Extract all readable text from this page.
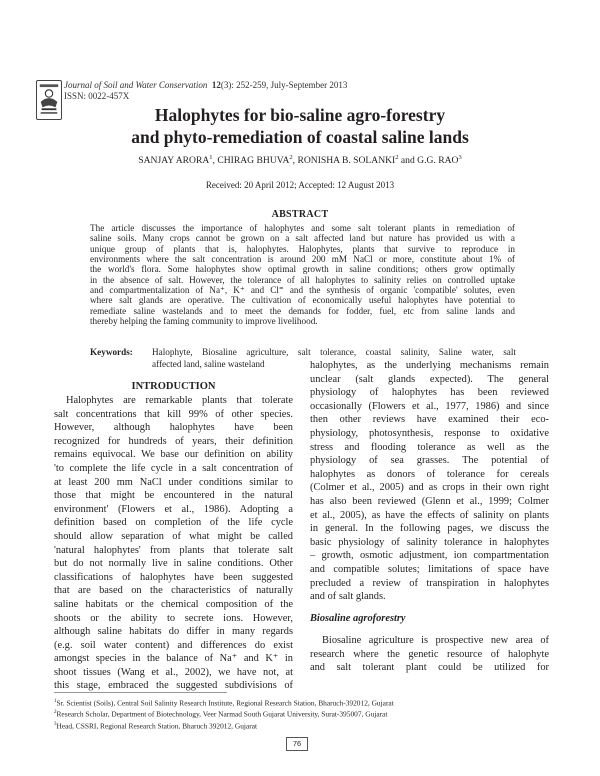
Journal of Soil and Water Conservation 12(3): 252-259, July-September 2013
ISSN: 0022-457X
Halophytes for bio-saline agro-forestry
and phyto-remediation of coastal saline lands
SANJAY ARORA$^1$, CHIRAG BHUVA$^2$, RONISHA B. SOLANKI$^2$ and G.G. RAO$^3$
Received: 20 April 2012; Accepted: 12 August 2013
ABSTRACT
The article discusses the importance of halophytes and some salt tolerant plants in remediation of
saline soils. Many crops cannot be grown on a salt affected land but nature has provided us with a
unique group of plants that is, halophytes. Halophytes, plants that survive to reproduce in
environments where the salt concentration is around 200 mM NaCl or more, constitute about 1% of
the world's flora. Some halophytes show optimal growth in saline conditions; others grow optimally
in the absence of salt. However, the tolerance of all halophytes to salinity relies on controlled uptake
and compartmentalization of Na⁺, K⁺ and Cl⁼ and the synthesis of organic 'compatible' solutes, even
where salt glands are operative. The cultivation of economically useful halophytes have potential to
remediate saline wastelands and to meet the demands for fodder, fuel, etc from saline lands and
thereby helping the faming community to improve livelihood.
Keywords: Halophyte, Biosaline agriculture, salt tolerance, coastal salinity, Saline water, salt
affected land, saline wasteland
INTRODUCTION
Halophytes are remarkable plants that tolerate
salt concentrations that kill 99% of other species.
However, although halophytes have been
recognized for hundreds of years, their definition
remains equivocal. We base our definition on ability
'to complete the life cycle in a salt concentration of
at least 200 mm NaCl under conditions similar to
those that might be encountered in the natural
environment' (Flowers et al., 1986). Adopting a
definition based on completion of the life cycle
should allow separation of what might be called
'natural halophytes' from plants that tolerate salt
but do not normally live in saline conditions. Other
classifications of halophytes have been suggested
that are based on the characteristics of naturally
saline habitats or the chemical composition of the
shoots or the ability to secrete ions. However,
although saline habitats do differ in many regards
(e.g. soil water content) and differences do exist
amongst species in the balance of Na⁺ and K⁺ in
shoot tissues (Wang et al., 2002), we have not, at
this stage, embraced the suggested subdivisions of
halophytes, as the underlying mechanisms remain
unclear (salt glands expected). The general
physiology of halophytes has been reviewed
occasionally (Flowers et al., 1977, 1986) and since
then other reviews have examined their eco-
physiology, photosynthesis, response to oxidative
stress and flooding tolerance as well as the
physiology of sea grasses. The potential of
halophytes as donors of tolerance for cereals
(Colmer et al., 2005) and as crops in their own right
has also been reviewed (Glenn et al., 1999; Colmer
et al., 2005), as have the effects of salinity on plants
in general. In the following pages, we discuss the
basic physiology of salinity tolerance in halophytes
– growth, osmotic adjustment, ion compartmentation
and compatible solutes; limitations of space have
precluded a review of transpiration in halophytes
and of salt glands.
Biosaline agroforestry
Biosaline agriculture is prospective new area of
research where the genetic resource of halophyte
and salt tolerant plant could be utilized for
$^1$Sr. Scientist (Soils), Central Soil Salinity Research Institute, Regional Research Station, Bharuch-392012, Gujarat
$^2$Research Scholar, Department of Biotechnology, Veer Narmad South Gujarat University, Surat-395007, Gujarat
$^3$Head, CSSRI, Regional Research Station, Bharuch 392012, Gujarat
76
